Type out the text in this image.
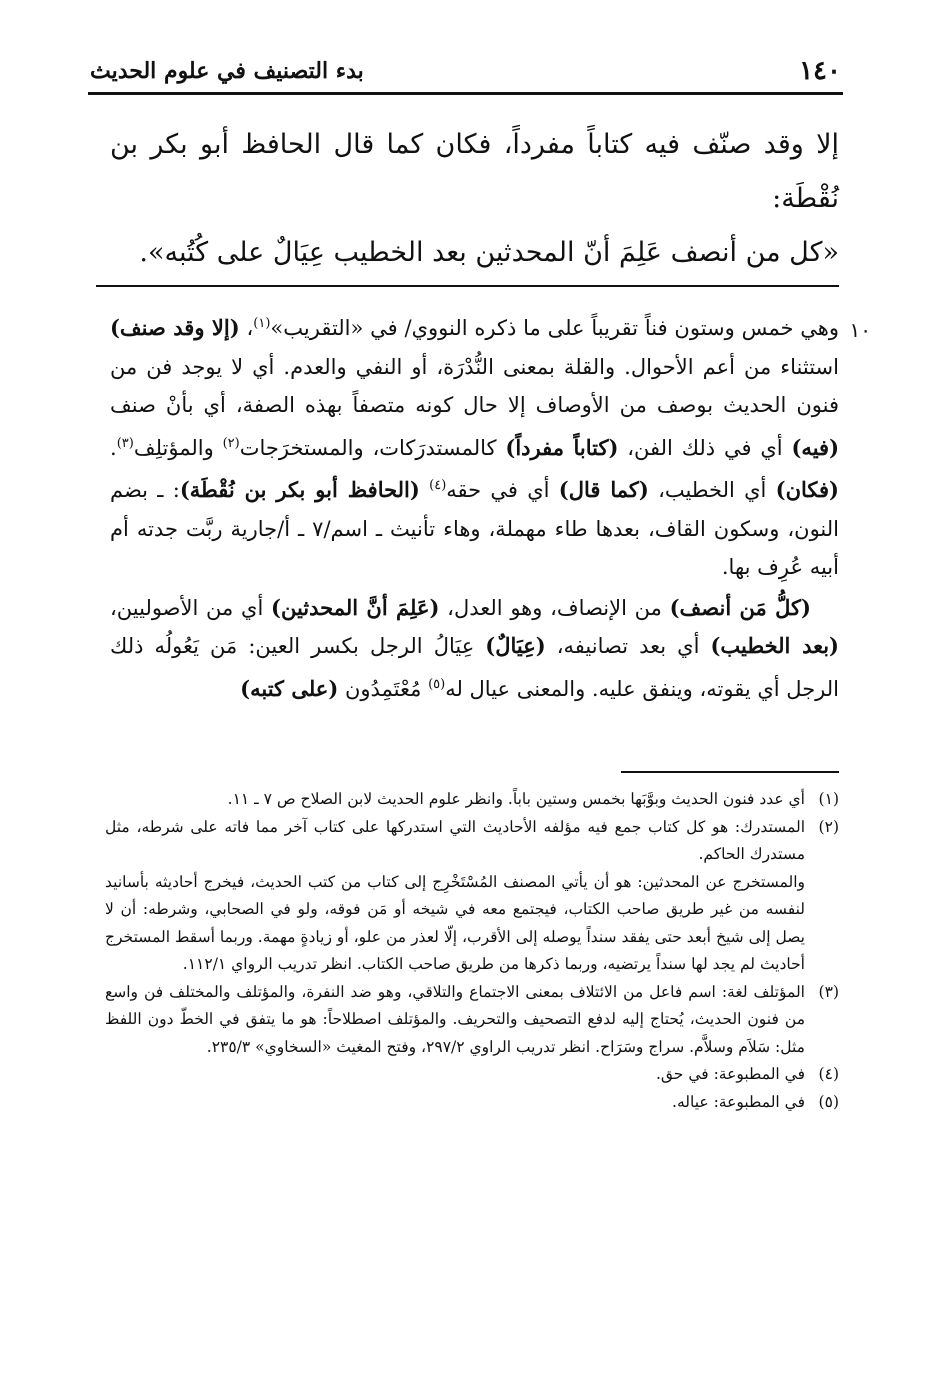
١٤٠
بدء التصنيف في علوم الحديث

إلا وقد صنّف فيه كتاباً مفرداً، فكان كما قال الحافظ أبو بكر بن نُقْطَة:

«كل من أنصف عَلِمَ أنّ المحدثين بعد الخطيب عِيَالٌ على كُتُبه».

١٠

وهي خمس وستون فناً تقريباً على ما ذكره النووي/ في «التقريب»$^{(١)}$، (إلا وقد صنف) استثناء من أعم الأحوال. والقلة بمعنى النُّدْرَة، أو النفي والعدم. أي لا يوجد فن من فنون الحديث بوصف من الأوصاف إلا حال كونه متصفاً بهذه الصفة، أي بأنْ صنف (فيه) أي في ذلك الفن، (كتاباً مفرداً) كالمستدرَكات، والمستخرَجات$^{(٢)}$ والمؤتلِف$^{(٣)}$. (فكان) أي الخطيب، (كما قال) أي في حقه$^{(٤)}$ (الحافظ أبو بكر بن نُقْطَة): ـ بضم النون، وسكون القاف، بعدها طاء مهملة، وهاء تأنيث ـ اسم/٧ ـ أ/جارية ربَّت جدته أم أبيه عُرِف بها.

(كلُّ مَن أنصف) من الإنصاف، وهو العدل، (عَلِمَ أنَّ المحدثين) أي من الأصوليين، (بعد الخطيب) أي بعد تصانيفه، (عِيَالٌ) عِيَالُ الرجل بكسر العين: مَن يَعُولُه ذلك الرجل أي يقوته، وينفق عليه. والمعنى عيال له$^{(٥)}$ مُعْتَمِدُون (على كتبه)

(١)

أي عدد فنون الحديث وبوَّبَها بخمس وستين باباً. وانظر علوم الحديث لابن الصلاح ص ٧ ـ ١١.

(٢)

المستدرك: هو كل كتاب جمع فيه مؤلفه الأحاديث التي استدركها على كتاب آخر مما فاته على شرطه، مثل مستدرك الحاكم.

والمستخرج عن المحدثين: هو أن يأتي المصنف المُسْتَخْرِج إلى كتاب من كتب الحديث، فيخرج أحاديثه بأسانيد لنفسه من غير طريق صاحب الكتاب، فيجتمع معه في شيخه أو مَن فوقه، ولو في الصحابي، وشرطه: أن لا يصل إلى شيخ أبعد حتى يفقد سنداً يوصله إلى الأقرب، إلّا لعذر من علو، أو زيادةٍ مهمة. وربما أسقط المستخرج أحاديث لم يجد لها سنداً يرتضيه، وربما ذكرها من طريق صاحب الكتاب. انظر تدريب الرواي ١١٢/١.

(٣)

المؤتلف لغة: اسم فاعل من الائتلاف بمعنى الاجتماع والتلاقي، وهو ضد النفرة، والمؤتلف والمختلف فن واسع من فنون الحديث، يُحتاج إليه لدفع التصحيف والتحريف. والمؤتلف اصطلاحاً: هو ما يتفق في الخطّ دون اللفظ مثل: سَلاَم وسلاَّم. سراج وسَرَاح. انظر تدريب الراوي ٢٩٧/٢، وفتح المغيث «السخاوي» ٢٣٥/٣.

(٤)

في المطبوعة: في حق.

(٥)

في المطبوعة: عياله.
